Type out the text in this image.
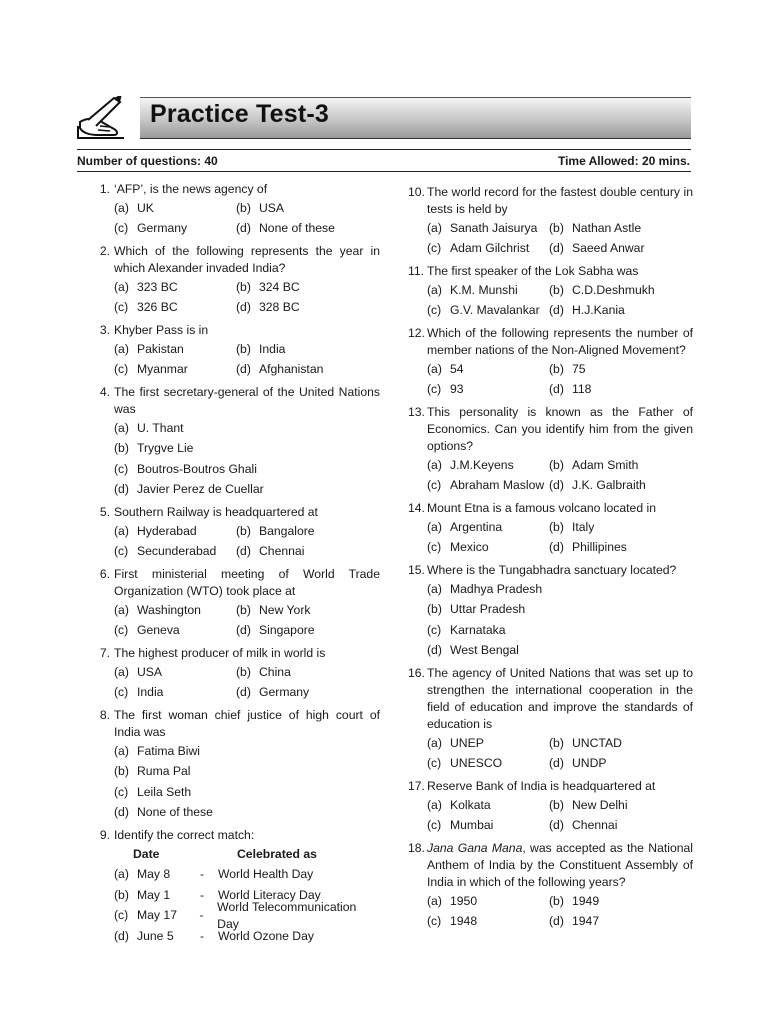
Practice Test-3
Number of questions: 40	Time Allowed: 20 mins.
1. ‘AFP’, is the news agency of
(a) UK	(b) USA
(c) Germany	(d) None of these
2. Which of the following represents the year in which Alexander invaded India?
(a) 323 BC	(b) 324 BC
(c) 326 BC	(d) 328 BC
3. Khyber Pass is in
(a) Pakistan	(b) India
(c) Myanmar	(d) Afghanistan
4. The first secretary-general of the United Nations was
(a) U. Thant
(b) Trygve Lie
(c) Boutros-Boutros Ghali
(d) Javier Perez de Cuellar
5. Southern Railway is headquartered at
(a) Hyderabad	(b) Bangalore
(c) Secunderabad (d) Chennai
6. First ministerial meeting of World Trade Organization (WTO) took place at
(a) Washington	(b) New York
(c) Geneva	(d) Singapore
7. The highest producer of milk in world is
(a) USA	(b) China
(c) India	(d) Germany
8. The first woman chief justice of high court of India was
(a) Fatima Biwi
(b) Ruma Pal
(c) Leila Seth
(d) None of these
9. Identify the correct match:
Date	Celebrated as
(a) May 8 -	World Health Day
(b) May 1 -	World Literacy Day
(c) May 17 -
World Telecommunication Day
(d) June 5 -	World Ozone Day
10. The world record for the fastest double century in tests is held by
(a) Sanath Jaisurya (b) Nathan Astle
(c) Adam Gilchrist (d) Saeed Anwar
11. The first speaker of the Lok Sabha was
(a) K.M. Munshi	(b) C.D.Deshmukh
(c) G.V. Mavalankar (d) H.J.Kania
12. Which of the following represents the number of member nations of the Non-Aligned Movement?
(a) 54	(b) 75
(c) 93	(d) 118
13. This personality is known as the Father of Economics. Can you identify him from the given options?
(a) J.M.Keyens	(b) Adam Smith
(c) Abraham Maslow (d) J.K. Galbraith
14. Mount Etna is a famous volcano located in
(a) Argentina	(b) Italy
(c) Mexico	(d) Phillipines
15. Where is the Tungabhadra sanctuary located?
(a) Madhya Pradesh
(b) Uttar Pradesh
(c) Karnataka
(d) West Bengal
16. The agency of United Nations that was set up to strengthen the international cooperation in the field of education and improve the standards of education is
(a) UNEP	(b) UNCTAD
(c) UNESCO	(d) UNDP
17. Reserve Bank of India is headquartered at
(a) Kolkata	(b) New Delhi
(c) Mumbai	(d) Chennai
18. Jana Gana Mana, was accepted as the National Anthem of India by the Constituent Assembly of India in which of the following years?
(a) 1950	(b) 1949
(c) 1948	(d) 1947
